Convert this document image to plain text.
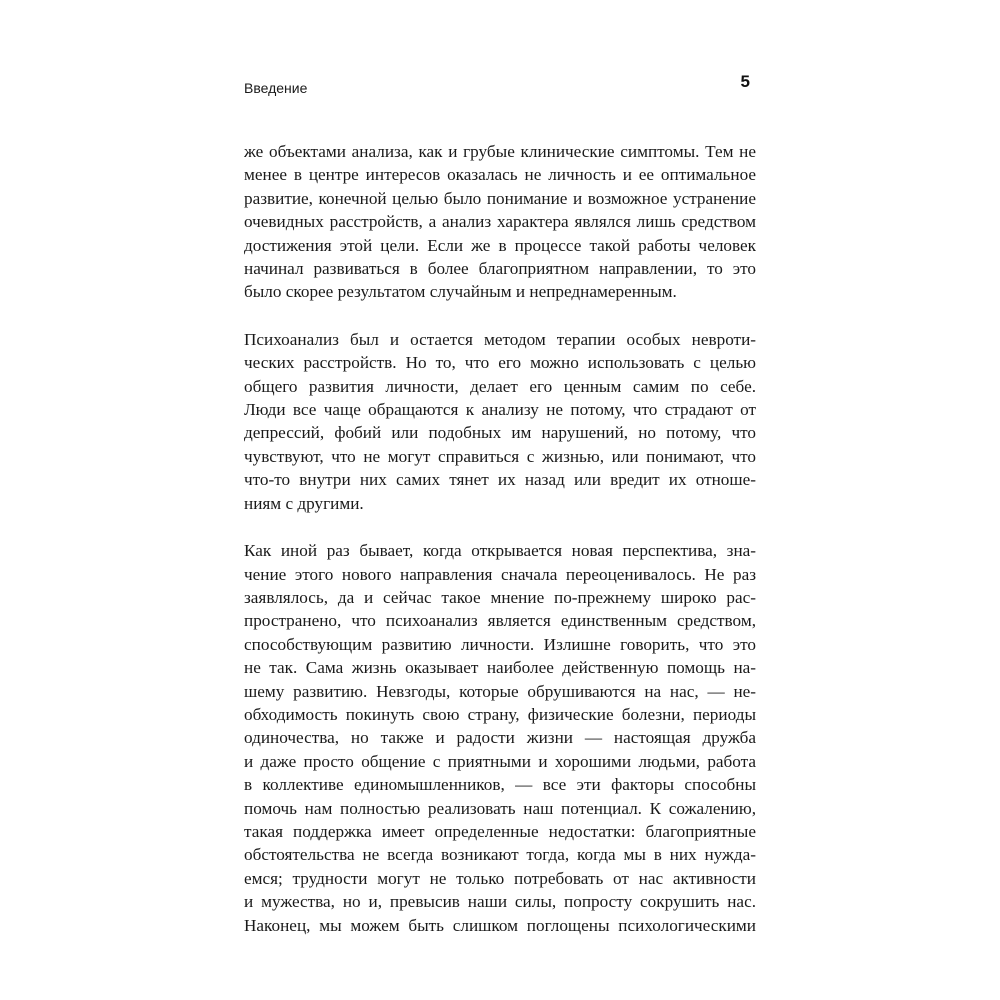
Введение	5
же объектами анализа, как и грубые клинические симптомы. Тем не
менее в центре интересов оказалась не личность и ее оптимальное
развитие, конечной целью было понимание и возможное устранение
очевидных расстройств, а анализ характера являлся лишь средством
достижения этой цели. Если же в процессе такой работы человек
начинал развиваться в более благоприятном направлении, то это
было скорее результатом случайным и непреднамеренным.
Психоанализ был и остается методом терапии особых невроти-
ческих расстройств. Но то, что его можно использовать с целью
общего развития личности, делает его ценным самим по себе.
Люди все чаще обращаются к анализу не потому, что страдают от
депрессий, фобий или подобных им нарушений, но потому, что
чувствуют, что не могут справиться с жизнью, или понимают, что
что-то внутри них самих тянет их назад или вредит их отноше-
ниям с другими.
Как иной раз бывает, когда открывается новая перспектива, зна-
чение этого нового направления сначала переоценивалось. Не раз
заявлялось, да и сейчас такое мнение по-прежнему широко рас-
пространено, что психоанализ является единственным средством,
способствующим развитию личности. Излишне говорить, что это
не так. Сама жизнь оказывает наиболее действенную помощь на-
шему развитию. Невзгоды, которые обрушиваются на нас, — не-
обходимость покинуть свою страну, физические болезни, периоды
одиночества, но также и радости жизни — настоящая дружба
и даже просто общение с приятными и хорошими людьми, работа
в коллективе единомышленников, — все эти факторы способны
помочь нам полностью реализовать наш потенциал. К сожалению,
такая поддержка имеет определенные недостатки: благоприятные
обстоятельства не всегда возникают тогда, когда мы в них нужда-
емся; трудности могут не только потребовать от нас активности
и мужества, но и, превысив наши силы, попросту сокрушить нас.
Наконец, мы можем быть слишком поглощены психологическими
